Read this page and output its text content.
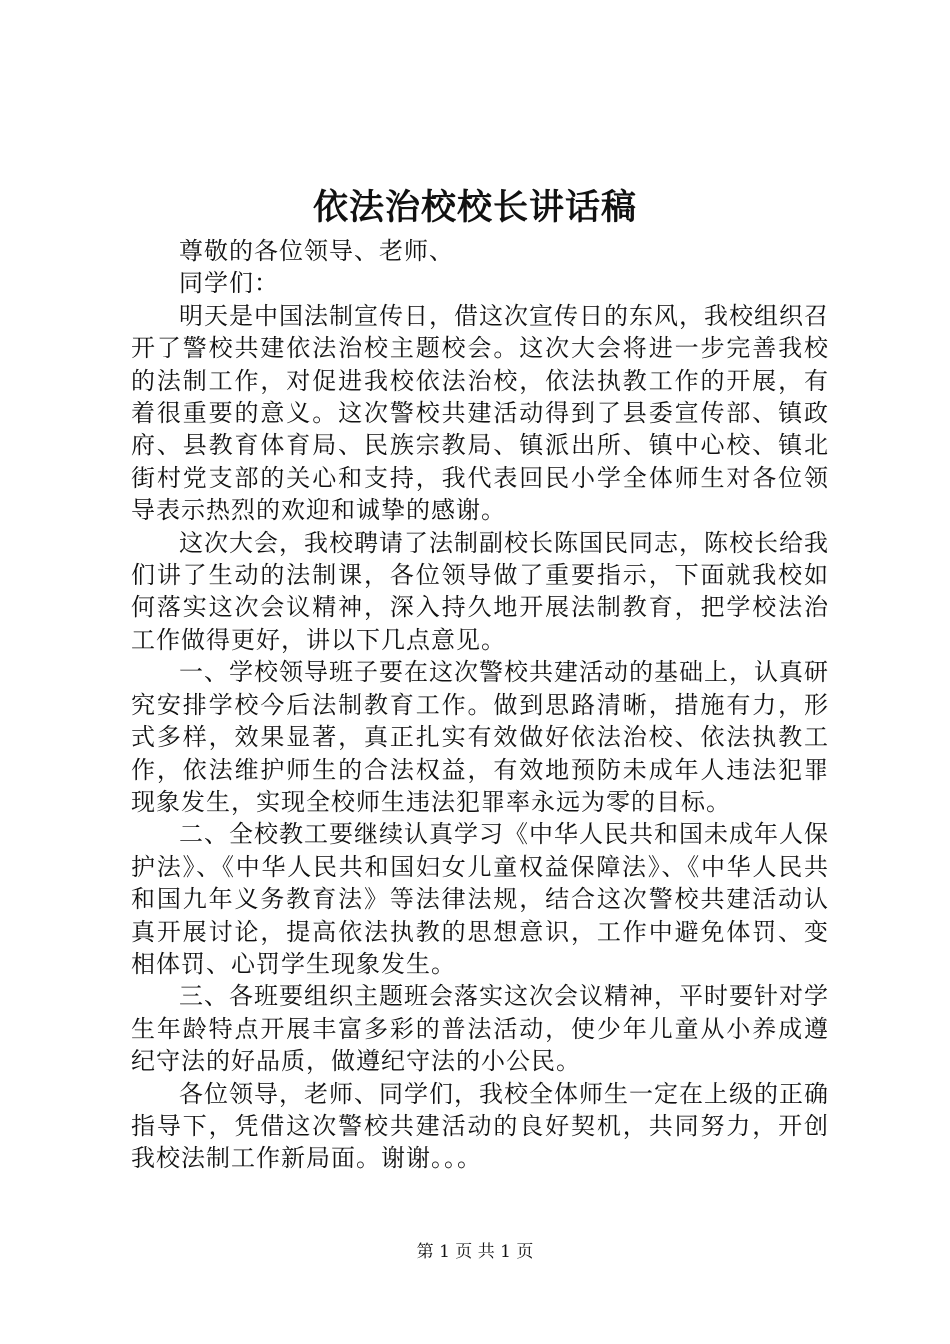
依法治校校长讲话稿

尊敬的各位领导、老师、

同学们：

明天是中国法制宣传日，借这次宣传日的东风，我校组织召开了警校共建依法治校主题校会。这次大会将进一步完善我校的法制工作，对促进我校依法治校，依法执教工作的开展，有着很重要的意义。这次警校共建活动得到了县委宣传部、镇政府、县教育体育局、民族宗教局、镇派出所、镇中心校、镇北街村党支部的关心和支持，我代表回民小学全体师生对各位领导表示热烈的欢迎和诚挚的感谢。

这次大会，我校聘请了法制副校长陈国民同志，陈校长给我们讲了生动的法制课，各位领导做了重要指示，下面就我校如何落实这次会议精神，深入持久地开展法制教育，把学校法治工作做得更好，讲以下几点意见。

一、学校领导班子要在这次警校共建活动的基础上，认真研究安排学校今后法制教育工作。做到思路清晰，措施有力，形式多样，效果显著，真正扎实有效做好依法治校、依法执教工作，依法维护师生的合法权益，有效地预防未成年人违法犯罪现象发生，实现全校师生违法犯罪率永远为零的目标。

二、全校教工要继续认真学习《中华人民共和国未成年人保护法》、《中华人民共和国妇女儿童权益保障法》、《中华人民共和国九年义务教育法》等法律法规，结合这次警校共建活动认真开展讨论，提高依法执教的思想意识，工作中避免体罚、变相体罚、心罚学生现象发生。

三、各班要组织主题班会落实这次会议精神，平时要针对学生年龄特点开展丰富多彩的普法活动，使少年儿童从小养成遵纪守法的好品质，做遵纪守法的小公民。

各位领导，老师、同学们，我校全体师生一定在上级的正确指导下，凭借这次警校共建活动的良好契机，共同努力，开创我校法制工作新局面。谢谢。。。

第 1 页 共 1 页
